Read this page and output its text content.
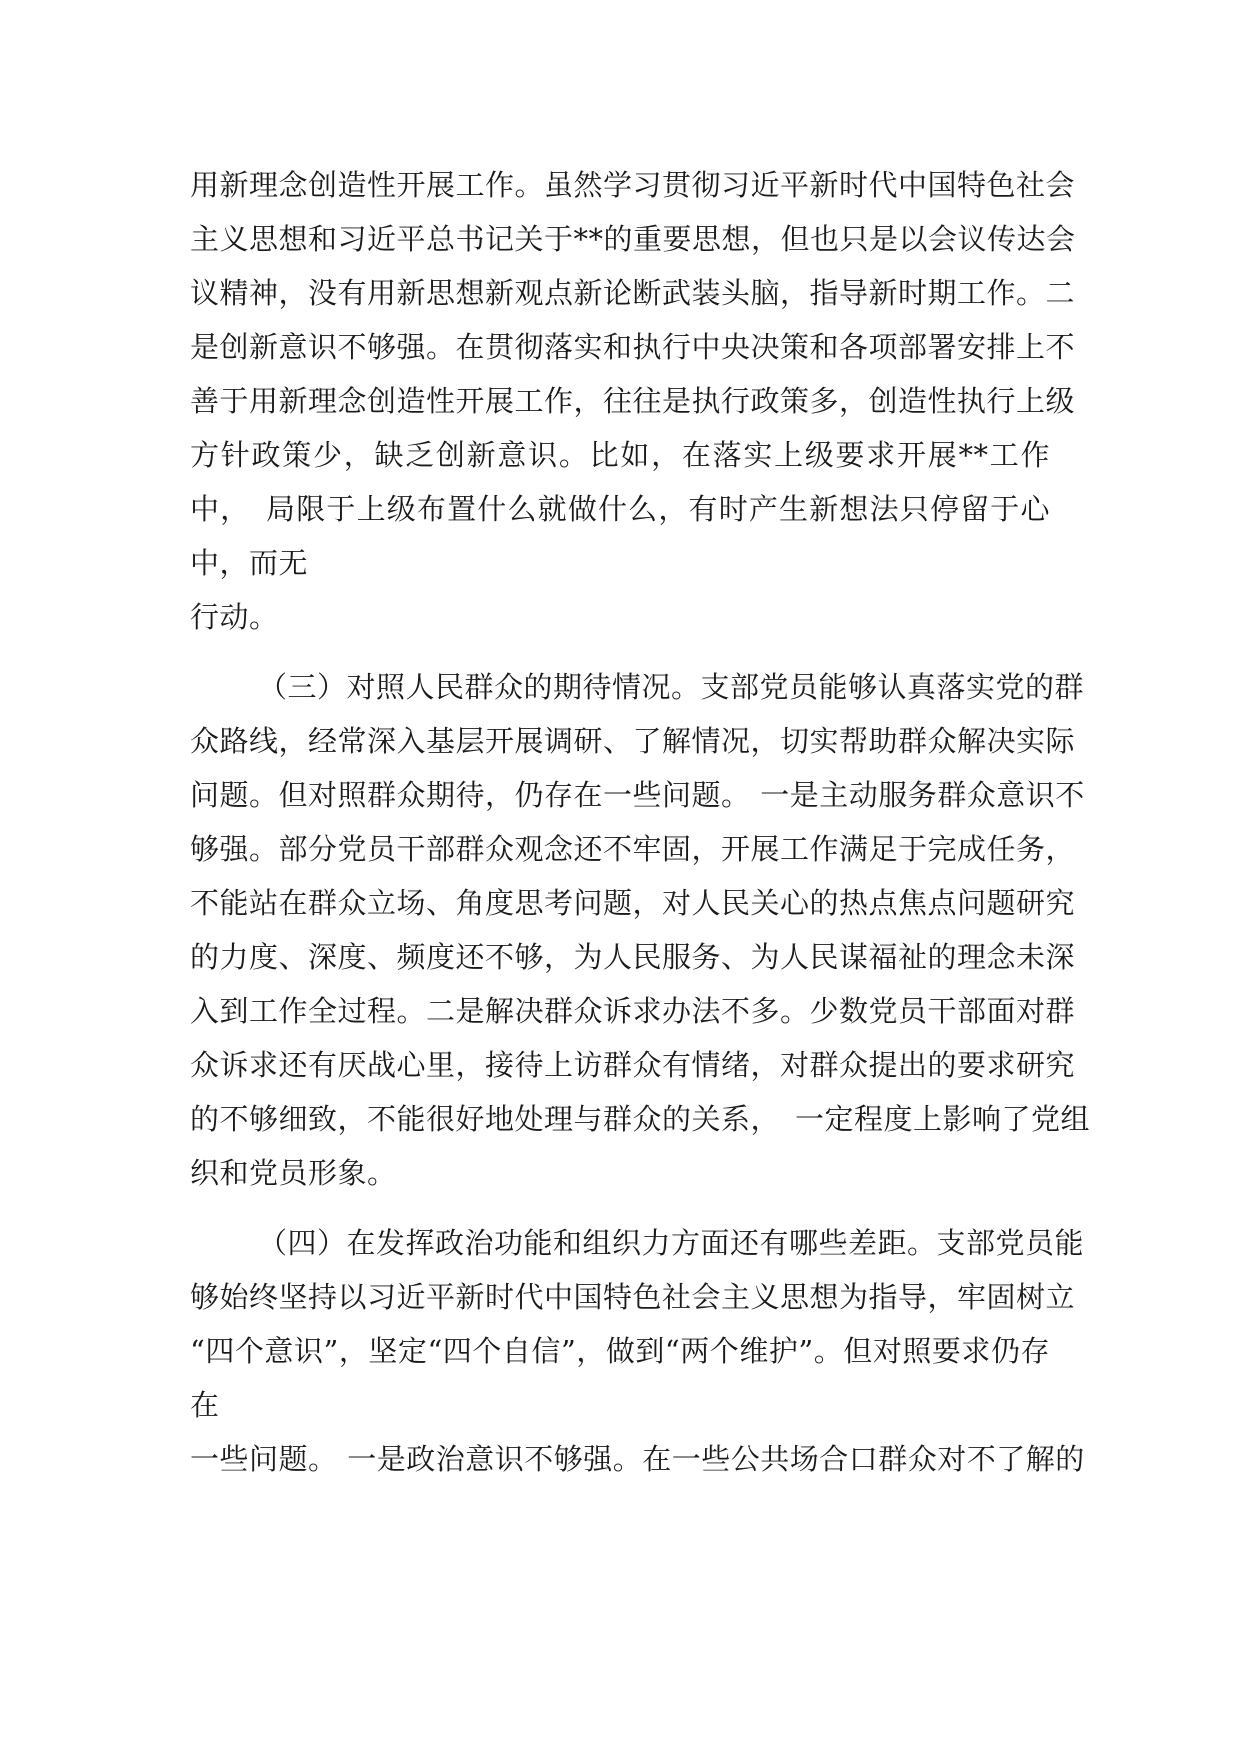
用新理念创造性开展工作。虽然学习贯彻习近平新时代中国特色社会
主义思想和习近平总书记关于**的重要思想，但也只是以会议传达会
议精神，没有用新思想新观点新论断武装头脑，指导新时期工作。二
是创新意识不够强。在贯彻落实和执行中央决策和各项部署安排上不
善于用新理念创造性开展工作，往往是执行政策多，创造性执行上级
方针政策少，缺乏创新意识。比如，在落实上级要求开展**工作
中，　局限于上级布置什么就做什么，有时产生新想法只停留于心
中，而无
行动。
（三）对照人民群众的期待情况。支部党员能够认真落实党的群
众路线，经常深入基层开展调研、了解情况，切实帮助群众解决实际
问题。但对照群众期待，仍存在一些问题。 一是主动服务群众意识不
够强。部分党员干部群众观念还不牢固，开展工作满足于完成任务，
不能站在群众立场、角度思考问题，对人民关心的热点焦点问题研究
的力度、深度、频度还不够，为人民服务、为人民谋福祉的理念未深
入到工作全过程。二是解决群众诉求办法不多。少数党员干部面对群
众诉求还有厌战心里，接待上访群众有情绪，对群众提出的要求研究
的不够细致，不能很好地处理与群众的关系，　一定程度上影响了党组
织和党员形象。
（四）在发挥政治功能和组织力方面还有哪些差距。支部党员能
够始终坚持以习近平新时代中国特色社会主义思想为指导，牢固树立
“四个意识”，坚定“四个自信”，做到“两个维护”。但对照要求仍存
在
一些问题。 一是政治意识不够强。在一些公共场合口群众对不了解的
